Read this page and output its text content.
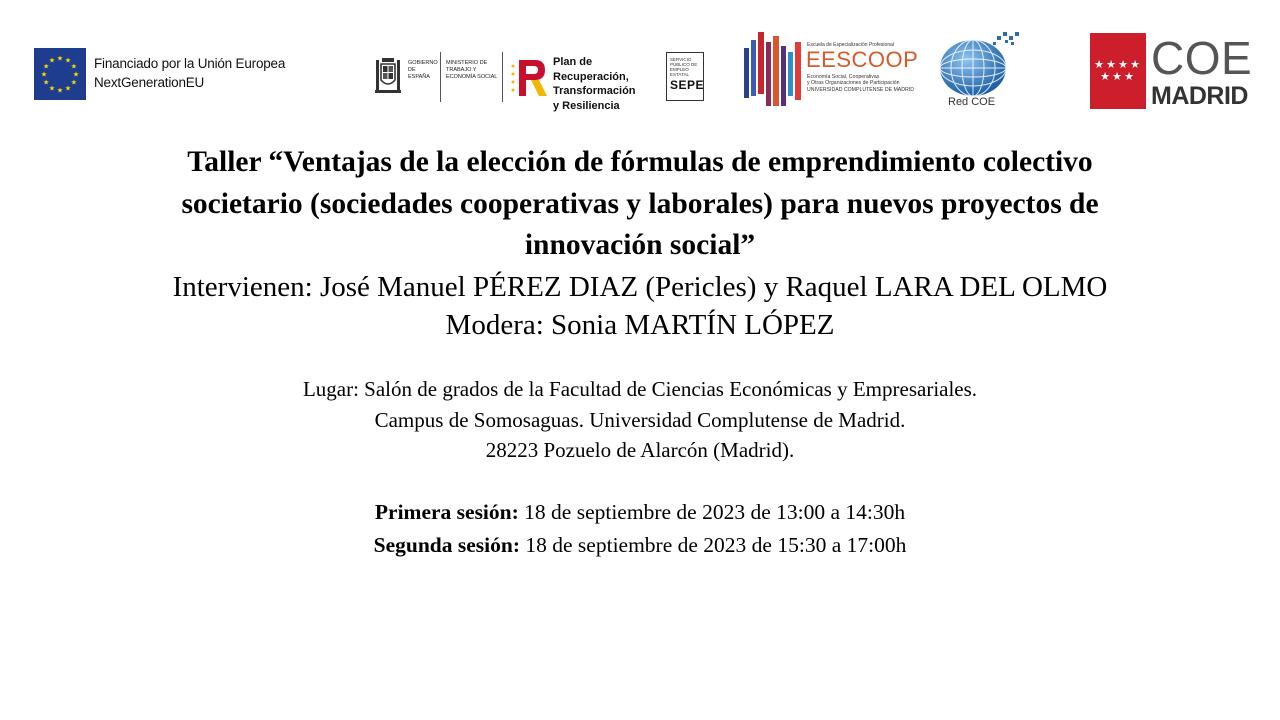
★ ★
★
★
★
★
★
★
★
★
★
★	Financiado por la Unión Europea
NextGenerationEU
GOBIERNO DE ESPAÑA
MINISTERIO DE TRABAJO Y ECONOMÍA SOCIAL
Plan de Recuperación,
Transformación
y Resiliencia
SERVICIO PÚBLICO DE EMPLEO ESTATAL
SEPE
Escuela de Especialización Profesional
EESCOOP
Economía Social, Cooperativas
y Otras Organizaciones de Participación
UNIVERSIDAD COMPLUTENSE DE MADRID
Red COE
★ ★ ★ ★
★ ★ ★ COE
MADRID
Taller “Ventajas de la elección de fórmulas de emprendimiento colectivo
societario (sociedades cooperativas y laborales) para nuevos proyectos de
innovación social”

Intervienen: José Manuel PÉREZ DIAZ (Pericles) y Raquel LARA DEL OLMO

Modera: Sonia MARTÍN LÓPEZ

Lugar: Salón de grados de la Facultad de Ciencias Económicas y Empresariales.
Campus de Somosaguas. Universidad Complutense de Madrid.
28223 Pozuelo de Alarcón (Madrid).
Primera sesión: 18 de septiembre de 2023 de 13:00 a 14:30h
Segunda sesión: 18 de septiembre de 2023 de 15:30 a 17:00h
